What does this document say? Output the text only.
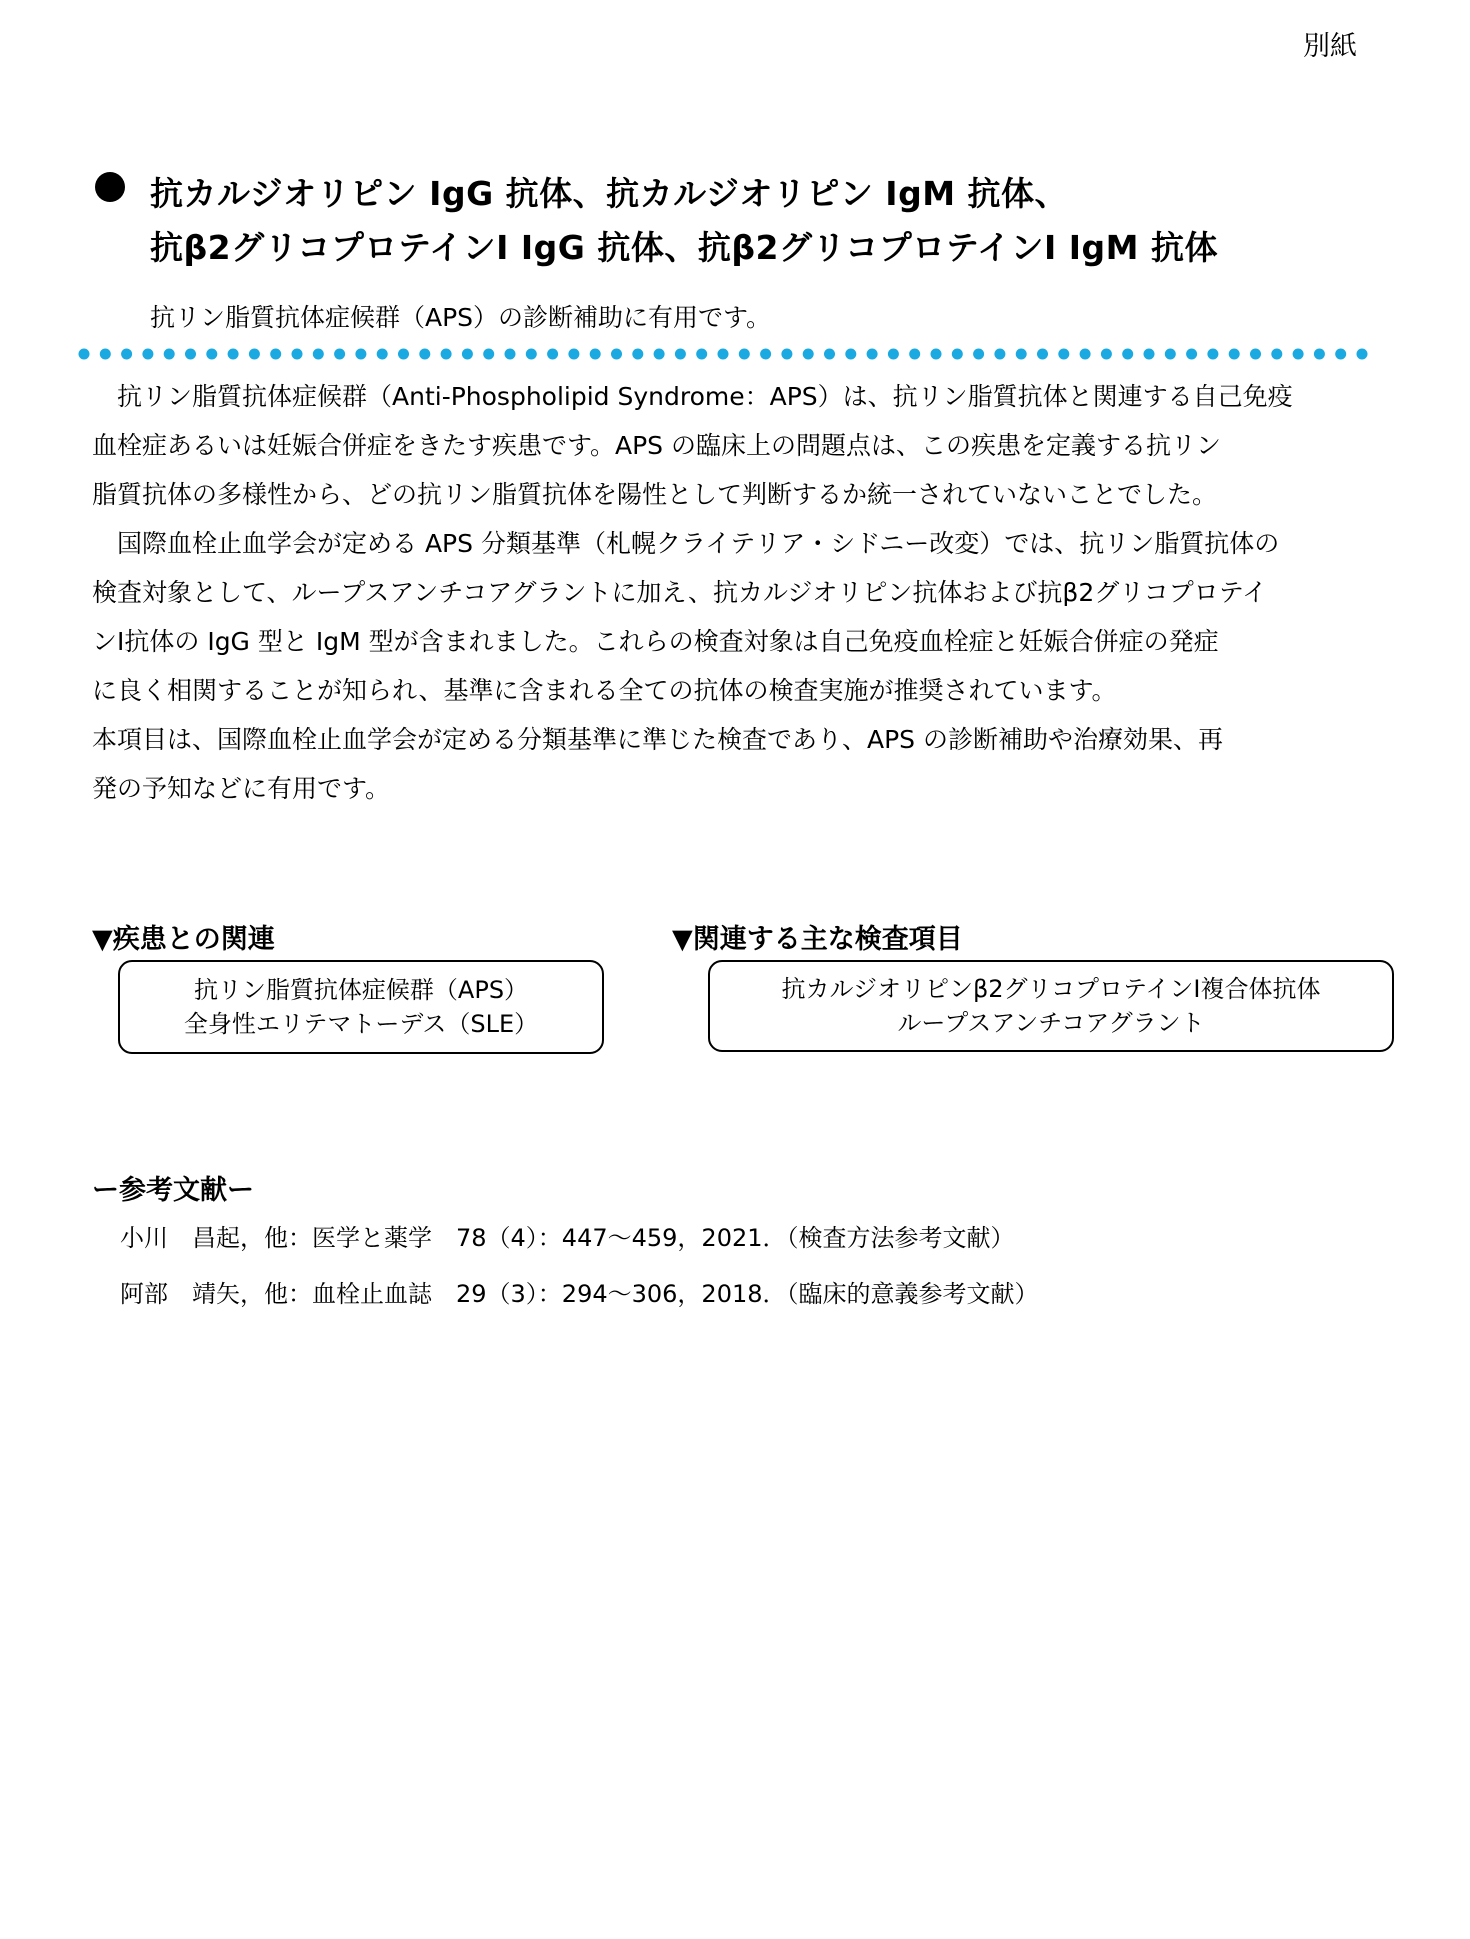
別紙
抗カルジオリピン IgG 抗体、抗カルジオリピン IgM 抗体、
抗β2グリコプロテインⅠ IgG 抗体、抗β2グリコプロテインⅠ IgM 抗体
抗リン脂質抗体症候群（APS）の診断補助に有用です。
　抗リン脂質抗体症候群（Anti-Phospholipid Syndrome：APS）は、抗リン脂質抗体と関連する自己免疫
血栓症あるいは妊娠合併症をきたす疾患です。APS の臨床上の問題点は、この疾患を定義する抗リン
脂質抗体の多様性から、どの抗リン脂質抗体を陽性として判断するか統一されていないことでした。
　国際血栓止血学会が定める APS 分類基準（札幌クライテリア・シドニー改変）では、抗リン脂質抗体の
検査対象として、ループスアンチコアグラントに加え、抗カルジオリピン抗体および抗β2グリコプロテイ
ンⅠ抗体の IgG 型と IgM 型が含まれました。これらの検査対象は自己免疫血栓症と妊娠合併症の発症
に良く相関することが知られ、基準に含まれる全ての抗体の検査実施が推奨されています。
本項目は、国際血栓止血学会が定める分類基準に準じた検査であり、APS の診断補助や治療効果、再
発の予知などに有用です。
▼疾患との関連	▼関連する主な検査項目
抗リン脂質抗体症候群（APS）
全身性エリテマトーデス（SLE）
抗カルジオリピンβ2グリコプロテインⅠ複合体抗体
ループスアンチコアグラント
ー参考文献ー
小川　昌起，他：医学と薬学　78（4）：447～459，2021．（検査方法参考文献）
阿部　靖矢，他：血栓止血誌　29（3）：294～306，2018．（臨床的意義参考文献）
